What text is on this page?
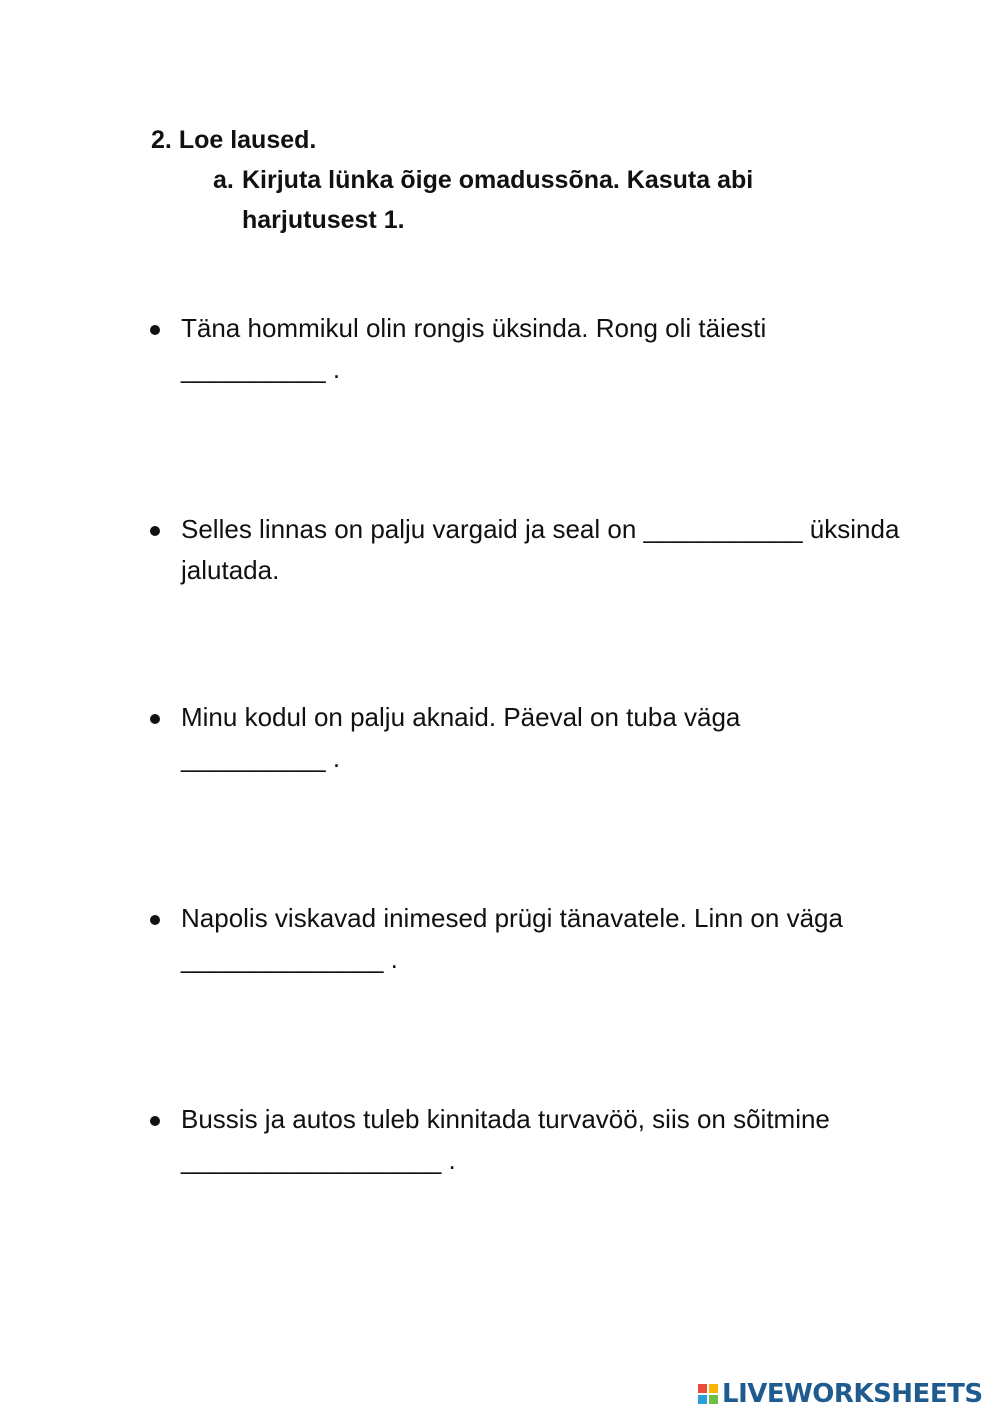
2. Loe laused.
a. Kirjuta lünka õige omadussõna. Kasuta abi harjutusest 1.
Täna hommikul olin rongis üksinda. Rong oli täiesti
__________ .
Selles linnas on palju vargaid ja seal on ___________ üksinda jalutada.
Minu kodul on palju aknaid. Päeval on tuba väga
__________ .
Napolis viskavad inimesed prügi tänavatele. Linn on väga
______________ .
Bussis ja autos tuleb kinnitada turvavöö, siis on sõitmine
__________________ .
LIVEWORKSHEETS
